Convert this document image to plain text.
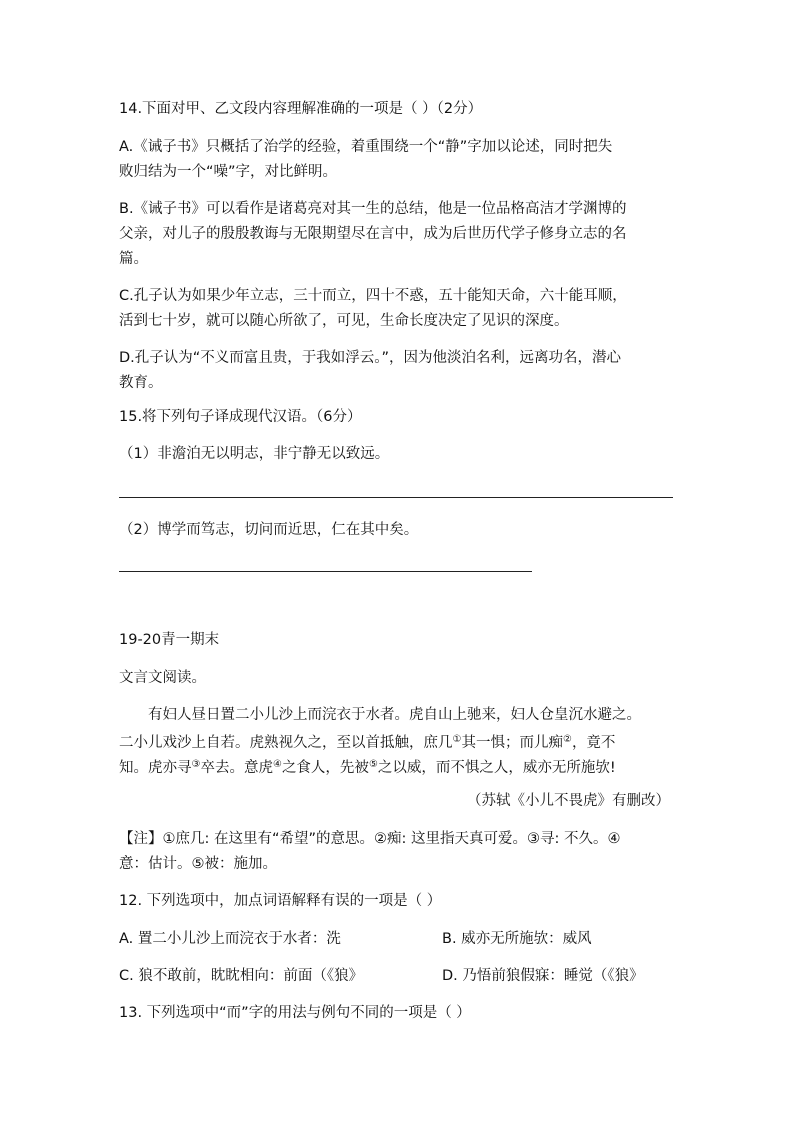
14.下面对甲、乙文段内容理解准确的一项是（ ）（2分）
A.《诫子书》只概括了治学的经验，着重围绕一个“静”字加以论述，同时把失
败归结为一个“噪”字，对比鲜明。
B.《诫子书》可以看作是诸葛亮对其一生的总结，他是一位品格高洁才学渊博的
父亲，对儿子的殷殷教诲与无限期望尽在言中，成为后世历代学子修身立志的名
篇。
C.孔子认为如果少年立志，三十而立，四十不惑，五十能知天命，六十能耳顺，
活到七十岁，就可以随心所欲了，可见，生命长度决定了见识的深度。
D.孔子认为“不义而富且贵，于我如浮云。”，因为他淡泊名利，远离功名，潜心
教育。
15.将下列句子译成现代汉语。（6分）
（1）非澹泊无以明志，非宁静无以致远。
（2）博学而笃志，切问而近思，仁在其中矣。
19-20青一期末
文言文阅读。
有妇人昼日置二小儿沙上而浣衣于水者。虎自山上驰来，妇人仓皇沉水避之。
二小儿戏沙上自若。虎熟视久之，至以首抵触，庶几①其一惧；而儿痴②，竟不
知。虎亦寻③卒去。意虎④之食人，先被⑤之以威，而不惧之人，威亦无所施欤!
（苏轼《小儿不畏虎》有删改）
【注】①庶几: 在这里有“希望”的意思。②痴: 这里指天真可爱。③寻: 不久。④
意：估计。⑤被：施加。
12. 下列选项中，加点词语解释有误的一项是（ ）
A. 置二小儿沙上而浣衣于水者：洗	B. 威亦无所施欤：威风
C. 狼不敢前，眈眈相向：前面（《狼》	D. 乃悟前狼假寐：睡觉（《狼》
13. 下列选项中“而”字的用法与例句不同的一项是（ ）
